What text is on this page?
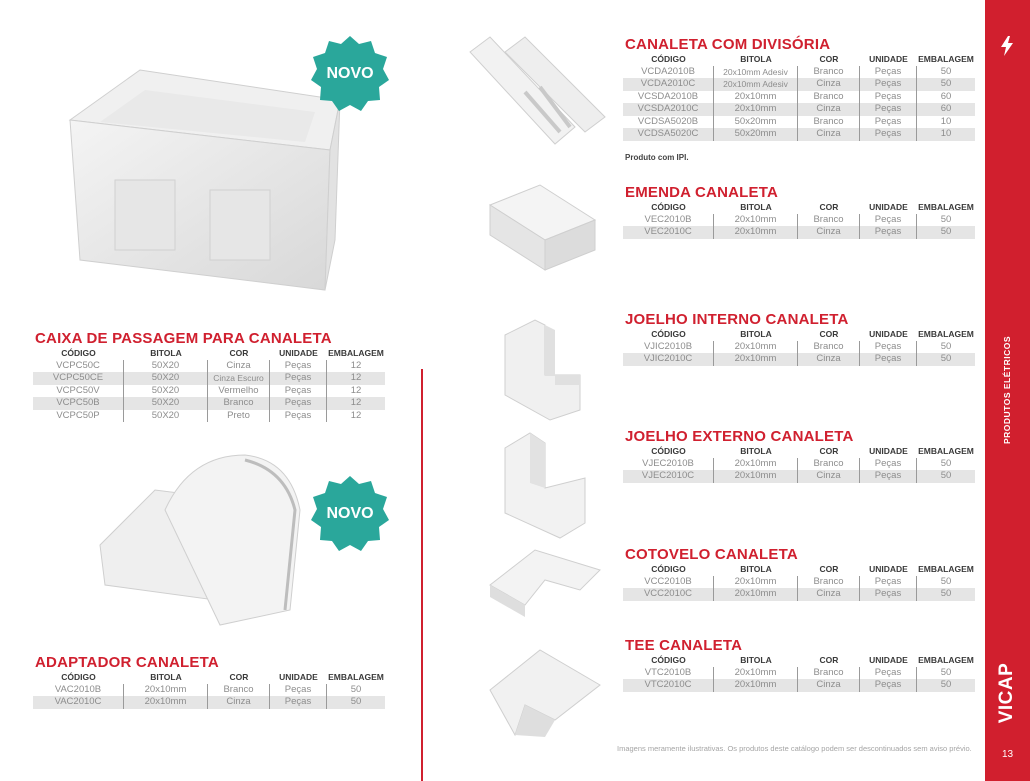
NOVO
NOVO
CANALETA COM DIVISÓRIA
CÓDIGO	BITOLA	COR	UNIDADE	EMBALAGEM
VCDA2010B	20x10mm Adesiv	Branco	Peças	50
VCDA2010C	20x10mm Adesiv	Cinza	Peças	50
VCSDA2010B	20x10mm	Branco	Peças	60
VCSDA2010C	20x10mm	Cinza	Peças	60
VCDSA5020B	50x20mm	Branco	Peças	10
VCDSA5020C	50x20mm	Cinza	Peças	10
Produto com IPI.
EMENDA CANALETA
CÓDIGO	BITOLA	COR	UNIDADE	EMBALAGEM
VEC2010B	20x10mm	Branco	Peças	50
VEC2010C	20x10mm	Cinza	Peças	50
JOELHO INTERNO CANALETA
CÓDIGO	BITOLA	COR	UNIDADE	EMBALAGEM
VJIC2010B	20x10mm	Branco	Peças	50
VJIC2010C	20x10mm	Cinza	Peças	50
JOELHO EXTERNO CANALETA
CÓDIGO	BITOLA	COR	UNIDADE	EMBALAGEM
VJEC2010B	20x10mm	Branco	Peças	50
VJEC2010C	20x10mm	Cinza	Peças	50
COTOVELO CANALETA
CÓDIGO	BITOLA	COR	UNIDADE	EMBALAGEM
VCC2010B	20x10mm	Branco	Peças	50
VCC2010C	20x10mm	Cinza	Peças	50
TEE CANALETA
CÓDIGO	BITOLA	COR	UNIDADE	EMBALAGEM
VTC2010B	20x10mm	Branco	Peças	50
VTC2010C	20x10mm	Cinza	Peças	50
CAIXA DE PASSAGEM PARA CANALETA
CÓDIGO	BITOLA	COR	UNIDADE	EMBALAGEM
VCPC50C	50X20	Cinza	Peças	12
VCPC50CE	50X20	Cinza Escuro	Peças	12
VCPC50V	50X20	Vermelho	Peças	12
VCPC50B	50X20	Branco	Peças	12
VCPC50P	50X20	Preto	Peças	12
ADAPTADOR CANALETA
CÓDIGO	BITOLA	COR	UNIDADE	EMBALAGEM
VAC2010B	20x10mm	Branco	Peças	50
VAC2010C	20x10mm	Cinza	Peças	50
Imagens meramente ilustrativas. Os produtos deste catálogo podem ser descontinuados sem aviso prévio.
PRODUTOS ELÉTRICOS
VICAP
13
